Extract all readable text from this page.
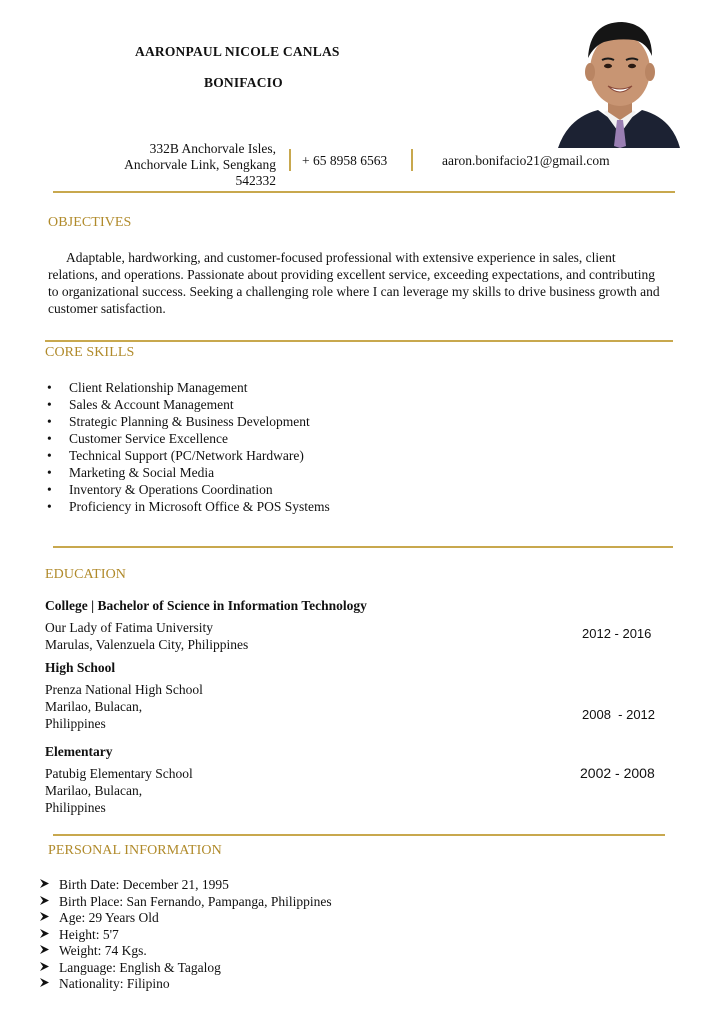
AARONPAUL NICOLE CANLAS
BONIFACIO
332B Anchorvale Isles,
Anchorvale Link, Sengkang
542332
+ 65 8958 6563	aaron.bonifacio21@gmail.com
OBJECTIVES
Adaptable, hardworking, and customer-focused professional with extensive experience in sales, client relations, and operations. Passionate about providing excellent service, exceeding expectations, and contributing to organizational success. Seeking a challenging role where I can leverage my skills to drive business growth and customer satisfaction.
CORE SKILLS
• Client Relationship Management
• Sales & Account Management
• Strategic Planning & Business Development
• Customer Service Excellence
• Technical Support (PC/Network Hardware)
• Marketing & Social Media
• Inventory & Operations Coordination
• Proficiency in Microsoft Office & POS Systems
EDUCATION
College | Bachelor of Science in Information Technology
Our Lady of Fatima University
Marulas, Valenzuela City, Philippines
2012 - 2016
High School
Prenza National High School
Marilao, Bulacan,
Philippines
2008  - 2012
Elementary
Patubig Elementary School
Marilao, Bulacan,
Philippines
2002 - 2008
PERSONAL INFORMATION
Birth Date: December 21, 1995
Birth Place: San Fernando, Pampanga, Philippines
Age: 29 Years Old
Height: 5'7
Weight: 74 Kgs.
Language: English & Tagalog
Nationality: Filipino
